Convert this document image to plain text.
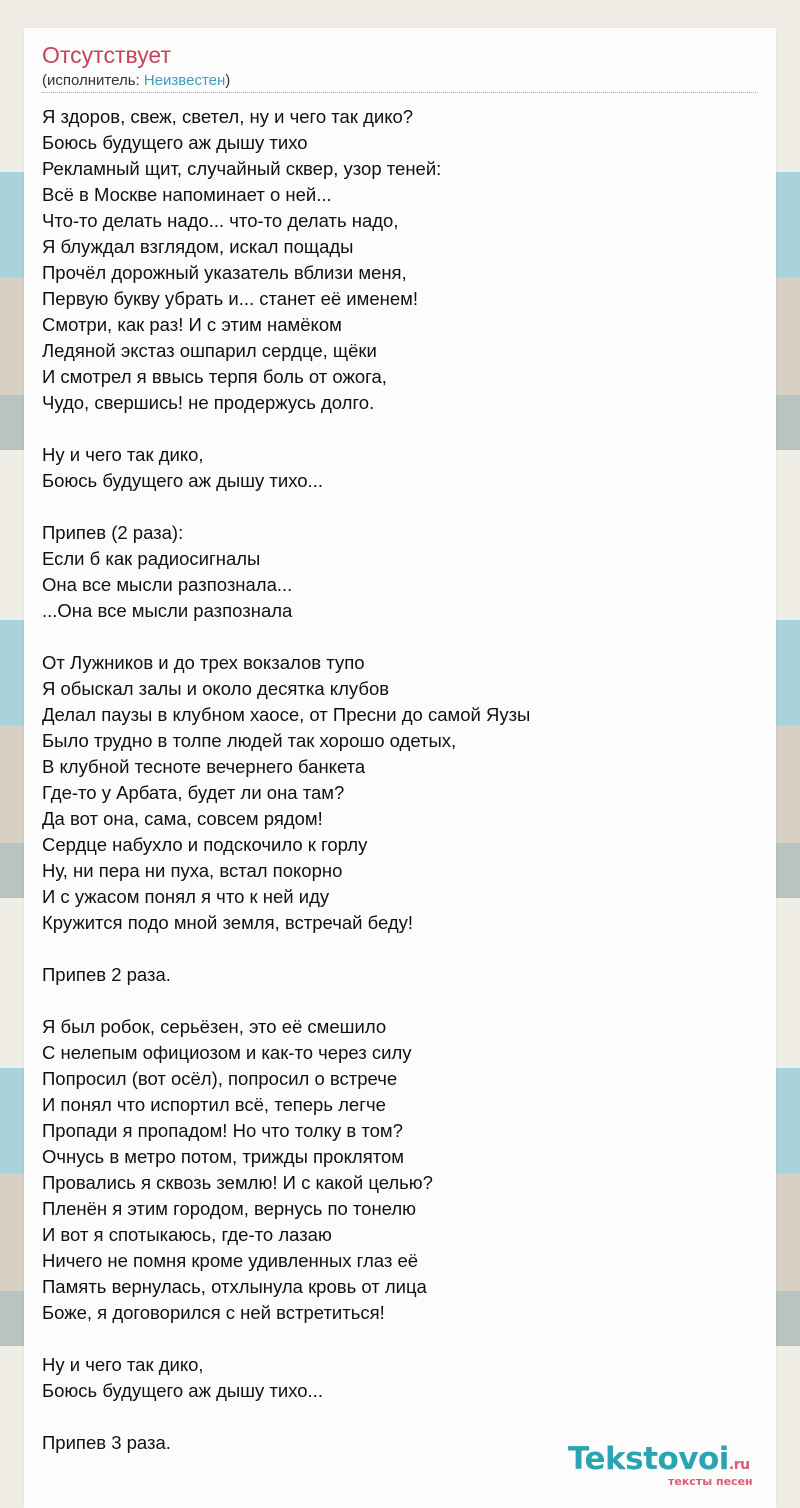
Отсутствует
(исполнитель: Неизвестен)
Я здоров, свеж, светел, ну и чего так дико?
Боюсь будущего аж дышу тихо
Рекламный щит, случайный сквер, узор теней:
Всё в Москве напоминает о ней...
Что-то делать надо... что-то делать надо,
Я блуждал взглядом, искал пощады
Прочёл дорожный указатель вблизи меня,
Первую букву убрать и... станет её именем!
Смотри, как раз! И с этим намёком
Ледяной экстаз ошпарил сердце, щёки
И смотрел я ввысь терпя боль от ожога,
Чудо, свершись! не продержусь долго.
Ну и чего так дико,
Боюсь будущего аж дышу тихо...
Припев (2 раза):
Если б как радиосигналы
Она все мысли разпознала...
...Она все мысли разпознала
От Лужников и до трех вокзалов тупо
Я обыскал залы и около десятка клубов
Делал паузы в клубном хаосе, от Пресни до самой Яузы
Было трудно в толпе людей так хорошо одетых,
В клубной тесноте вечернего банкета
Где-то у Арбата, будет ли она там?
Да вот она, сама, совсем рядом!
Сердце набухло и подскочило к горлу
Ну, ни пера ни пуха, встал покорно
И с ужасом понял я что к ней иду
Кружится подо мной земля, встречай беду!
Припев 2 раза.
Я был робок, серьёзен, это её смешило
С нелепым официозом и как-то через силу
Попросил (вот осёл), попросил о встрече
И понял что испортил всё, теперь легче
Пропади я пропадом! Но что толку в том?
Очнусь в метро потом, трижды проклятом
Провались я сквозь землю! И с какой целью?
Пленён я этим городом, вернусь по тонелю
И вот я спотыкаюсь, где-то лазаю
Ничего не помня кроме удивленных глаз её
Память вернулась, отхлынула кровь от лица
Боже, я договорился с ней встретиться!
Ну и чего так дико,
Боюсь будущего аж дышу тихо...
Припев 3 раза.	Tekstovoi.ru
тексты песен
